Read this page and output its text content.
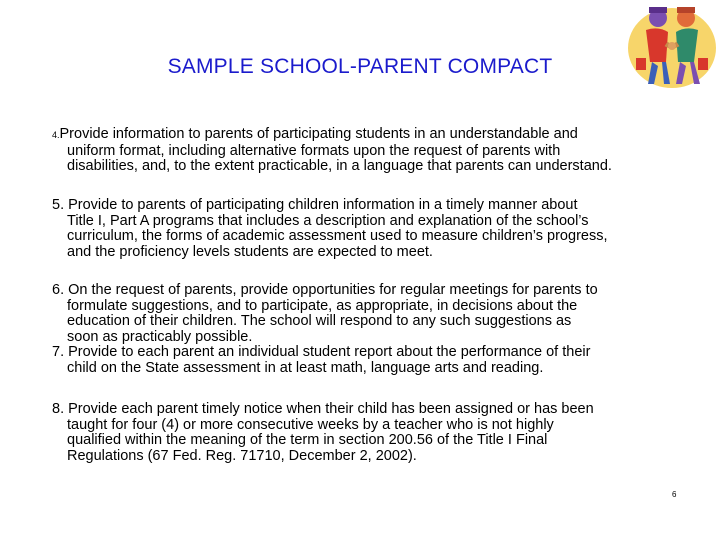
SAMPLE SCHOOL-PARENT COMPACT
4.Provide information to parents of participating students in an understandable and
uniform format, including alternative formats upon the request of parents with
disabilities, and, to the extent practicable, in a language that parents can understand.
5. Provide to parents of participating children information in a timely manner about
Title I, Part A programs that includes a description and explanation of the school’s
curriculum, the forms of academic assessment used to measure children’s progress,
and the proficiency levels students are expected to meet.
6. On the request of parents, provide opportunities for regular meetings for parents to
formulate suggestions, and to participate, as appropriate, in decisions about the
education of their children. The school will respond to any such suggestions as
soon as practicably possible.
7. Provide to each parent an individual student report about the performance of their
child on the State assessment in at least math, language arts and reading.
8. Provide each parent timely notice when their child has been assigned or has been
taught for four (4) or more consecutive weeks by a teacher who is not highly
qualified within the meaning of the term in section 200.56 of the Title I Final
Regulations (67 Fed. Reg. 71710, December 2, 2002).
6
